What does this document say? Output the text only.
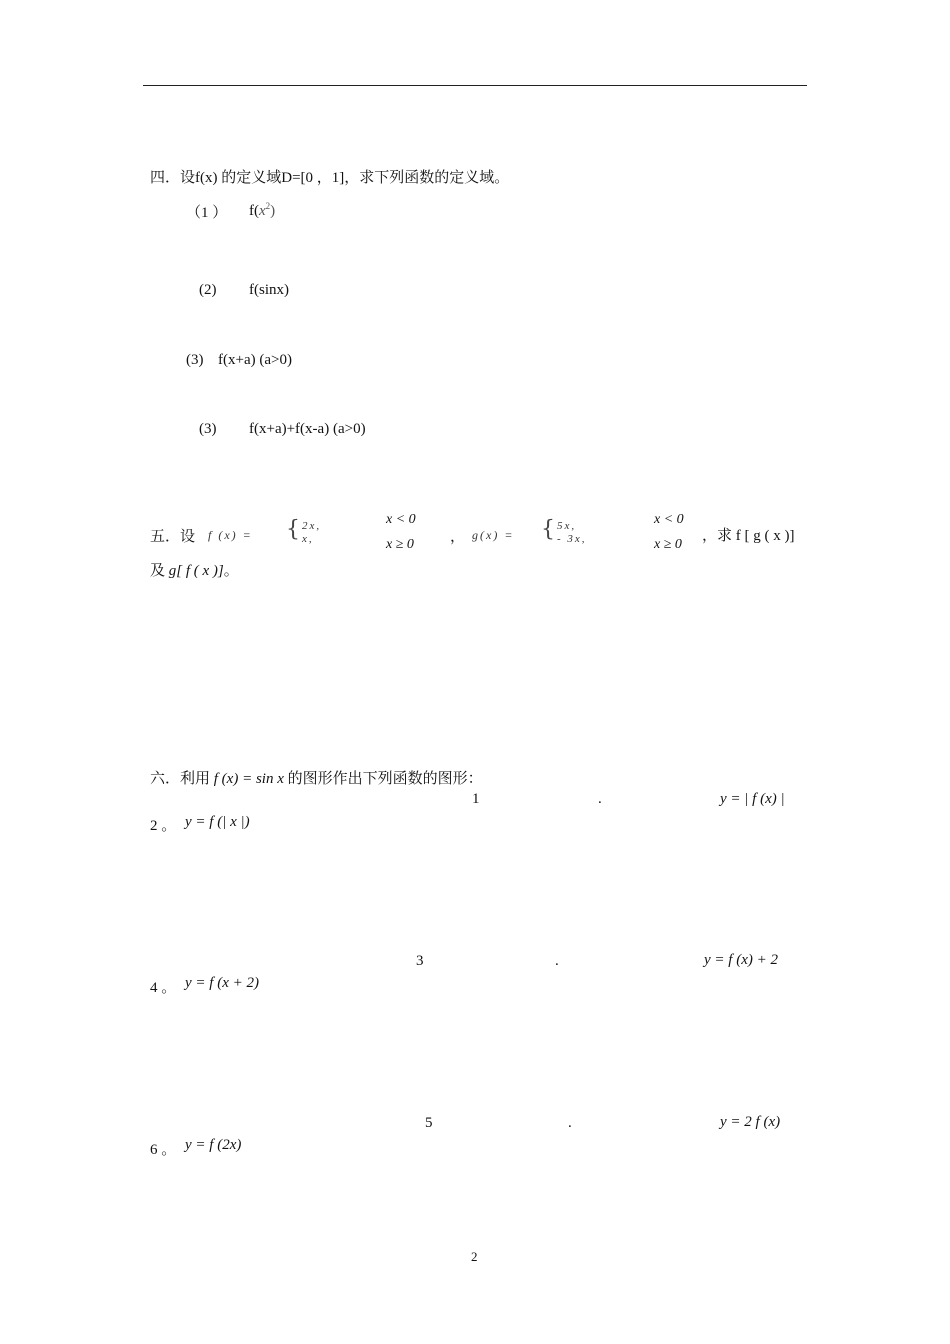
四．设f(x) 的定义域D=[0 ，1]，求下列函数的定义域。
（1 ） $f(x^2)$
(2) f(sinx)
(3) f(x+a) (a>0)
(3) f(x+a)+f(x-a) (a>0)
五．设 f (x) = { 2x,
x,
x < 0
x ≥ 0 ， g(x) = { 5x,
- 3x,
x < 0
x ≥ 0
，求 f [ g ( x )]
及 g[ f ( x )]。
六．利用 f (x) = sin x 的图形作出下列函数的图形：
1	.	y = | f (x) |
2 。 y = f (| x |)
3	.	y = f (x) + 2
4 。 y = f (x + 2)
5	.	y = 2 f (x)
6 。 y = f (2x)
2
